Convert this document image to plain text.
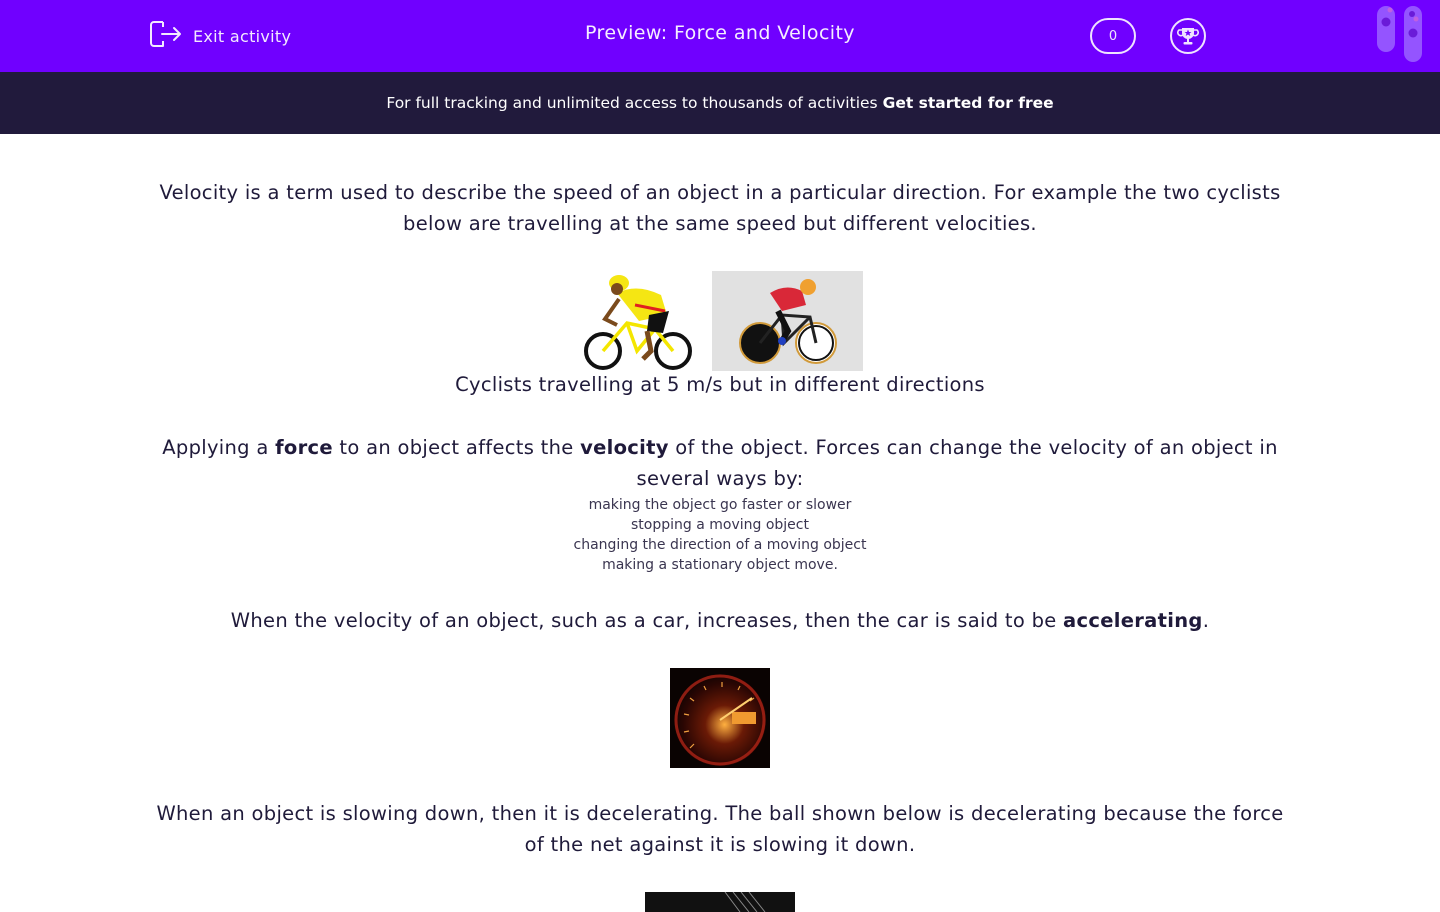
Exit activity	Preview: Force and Velocity	0
For full tracking and unlimited access to thousands of activities Get started for free

Velocity is a term used to describe the speed of an object in a particular direction. For example the two cyclists below are travelling at the same speed but different velocities.

Cyclists travelling at 5 m/s but in different directions

Applying a force to an object affects the velocity of the object. Forces can change the velocity of an object in several ways by:

making the object go faster or slower
stopping a moving object
changing the direction of a moving object
making a stationary object move.

When the velocity of an object, such as a car, increases, then the car is said to be accelerating.

When an object is slowing down, then it is decelerating. The ball shown below is decelerating because the force of the net against it is slowing it down.
